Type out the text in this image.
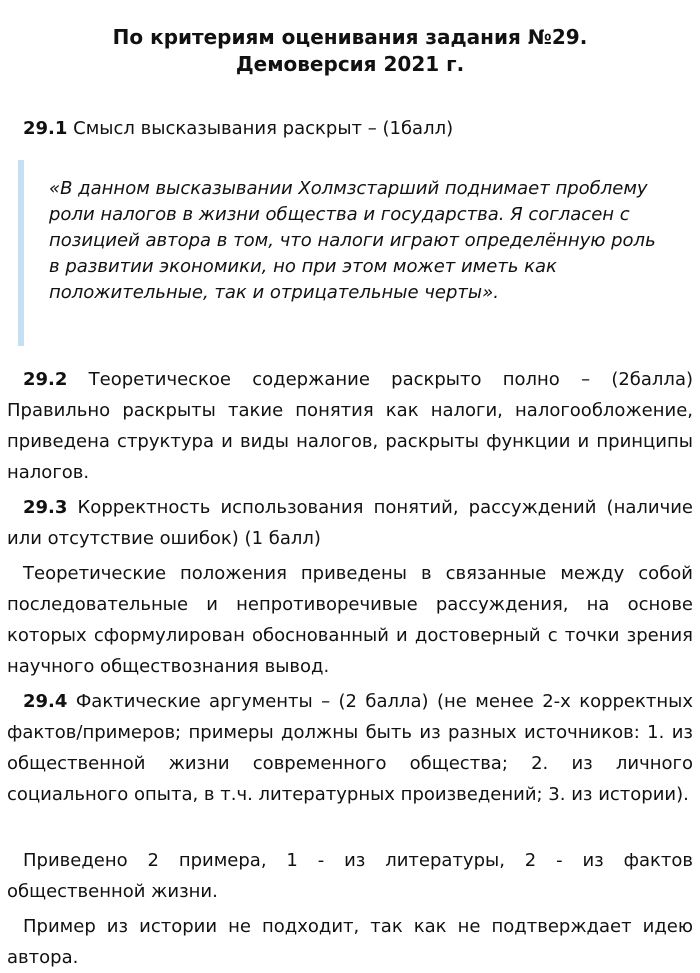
По критериям оценивания задания №29.
Демоверсия 2021 г.
29.1 Смысл высказывания раскрыт – (1балл)
«В данном высказывании Холмзстарший поднимает проблему роли налогов в жизни общества и государства. Я согласен с позицией автора в том, что налоги играют определённую роль в развитии экономики, но при этом может иметь как положительные, так и отрицательные черты».
29.2 Теоретическое содержание раскрыто полно – (2балла) Правильно раскрыты такие понятия как налоги, налогообложение, приведена структура и виды налогов, раскрыты функции и принципы налогов.
29.3 Корректность использования понятий, рассуждений (наличие или отсутствие ошибок) (1 балл)
Теоретические положения приведены в связанные между собой последовательные и непротиворечивые рассуждения, на основе которых сформулирован обоснованный и достоверный с точки зрения научного обществознания вывод.
29.4 Фактические аргументы – (2 балла) (не менее 2-х корректных фактов/примеров; примеры должны быть из разных источников: 1. из общественной жизни современного общества; 2. из личного социального опыта, в т.ч. литературных произведений; 3. из истории).
Приведено 2 примера, 1 - из литературы, 2 - из фактов общественной жизни.
Пример из истории не подходит, так как не подтверждает идею автора.
